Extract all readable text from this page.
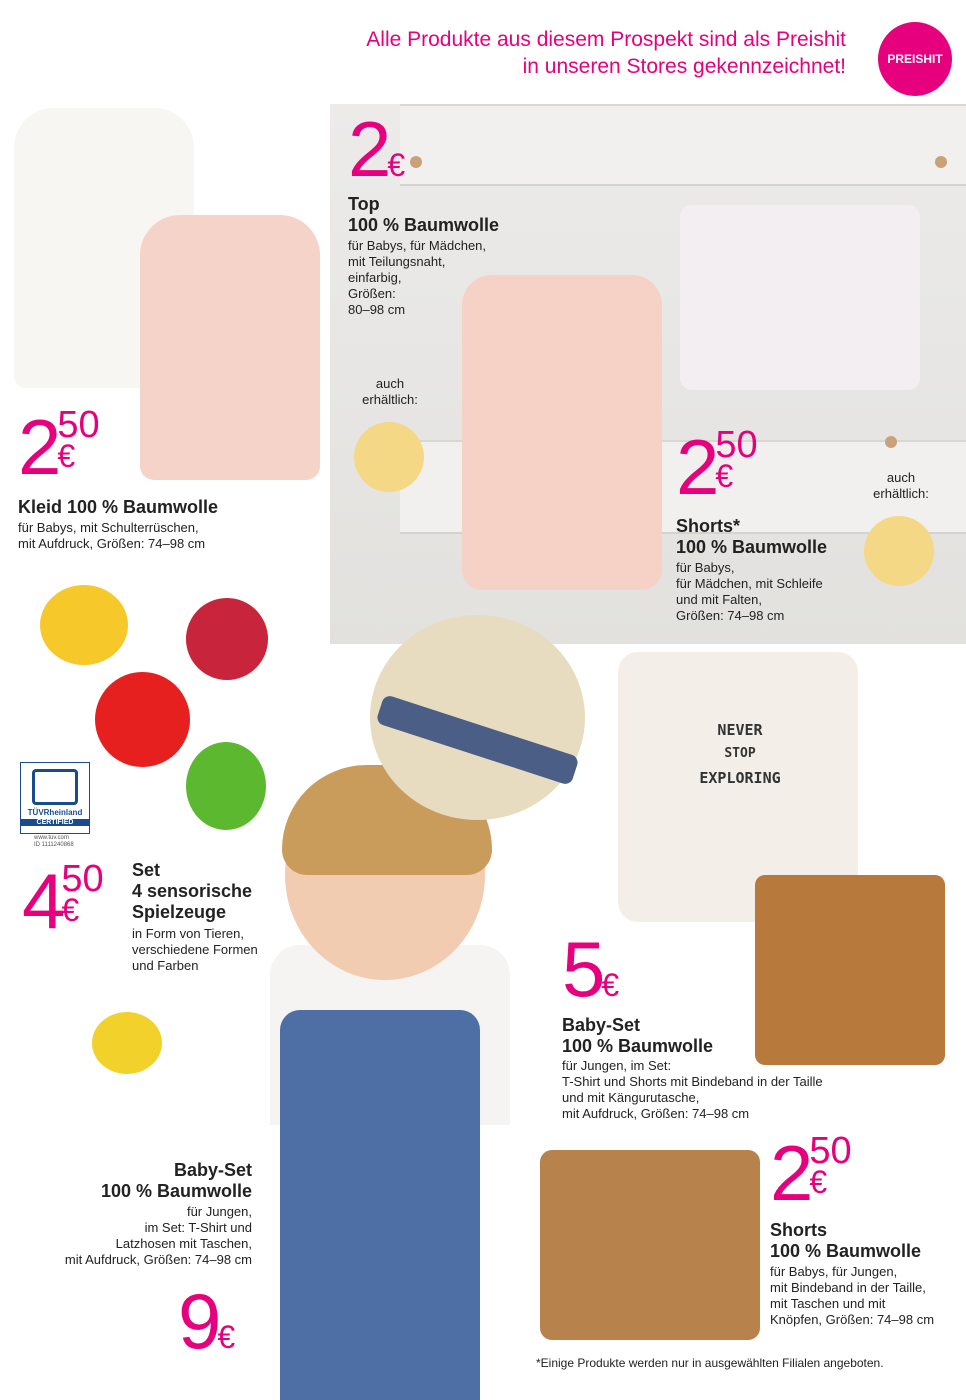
Alle Produkte aus diesem Prospekt sind als Preishit
in unseren Stores gekennzeichnet!	PREISHIT
2€
Top
100 % Baumwolle
für Babys, für Mädchen,
mit Teilungsnaht,
einfarbig,
Größen:
80–98 cm
auch
erhältlich:
2 50
€
Kleid 100 % Baumwolle
für Babys, mit Schulterrüschen,
mit Aufdruck, Größen: 74–98 cm
2 50
€
Shorts*
100 % Baumwolle
für Babys,
für Mädchen, mit Schleife
und mit Falten,
Größen: 74–98 cm
auch
erhältlich:
TÜVRheinland
CERTIFIED
www.tuv.com
ID 1111240868
4 50
€
Set
4 sensorische
Spielzeuge
in Form von Tieren,
verschiedene Formen
und Farben
NEVER
STOP
EXPLORING
5€
Baby-Set
100 % Baumwolle
für Jungen, im Set:
T-Shirt und Shorts mit Bindeband in der Taille
und mit Kängurutasche,
mit Aufdruck, Größen: 74–98 cm
Baby-Set
100 % Baumwolle
für Jungen,
im Set: T-Shirt und
Latzhosen mit Taschen,
mit Aufdruck, Größen: 74–98 cm
9€
2 50
€
Shorts
100 % Baumwolle
für Babys, für Jungen,
mit Bindeband in der Taille,
mit Taschen und mit
Knöpfen, Größen: 74–98 cm
*Einige Produkte werden nur in ausgewählten Filialen angeboten.
